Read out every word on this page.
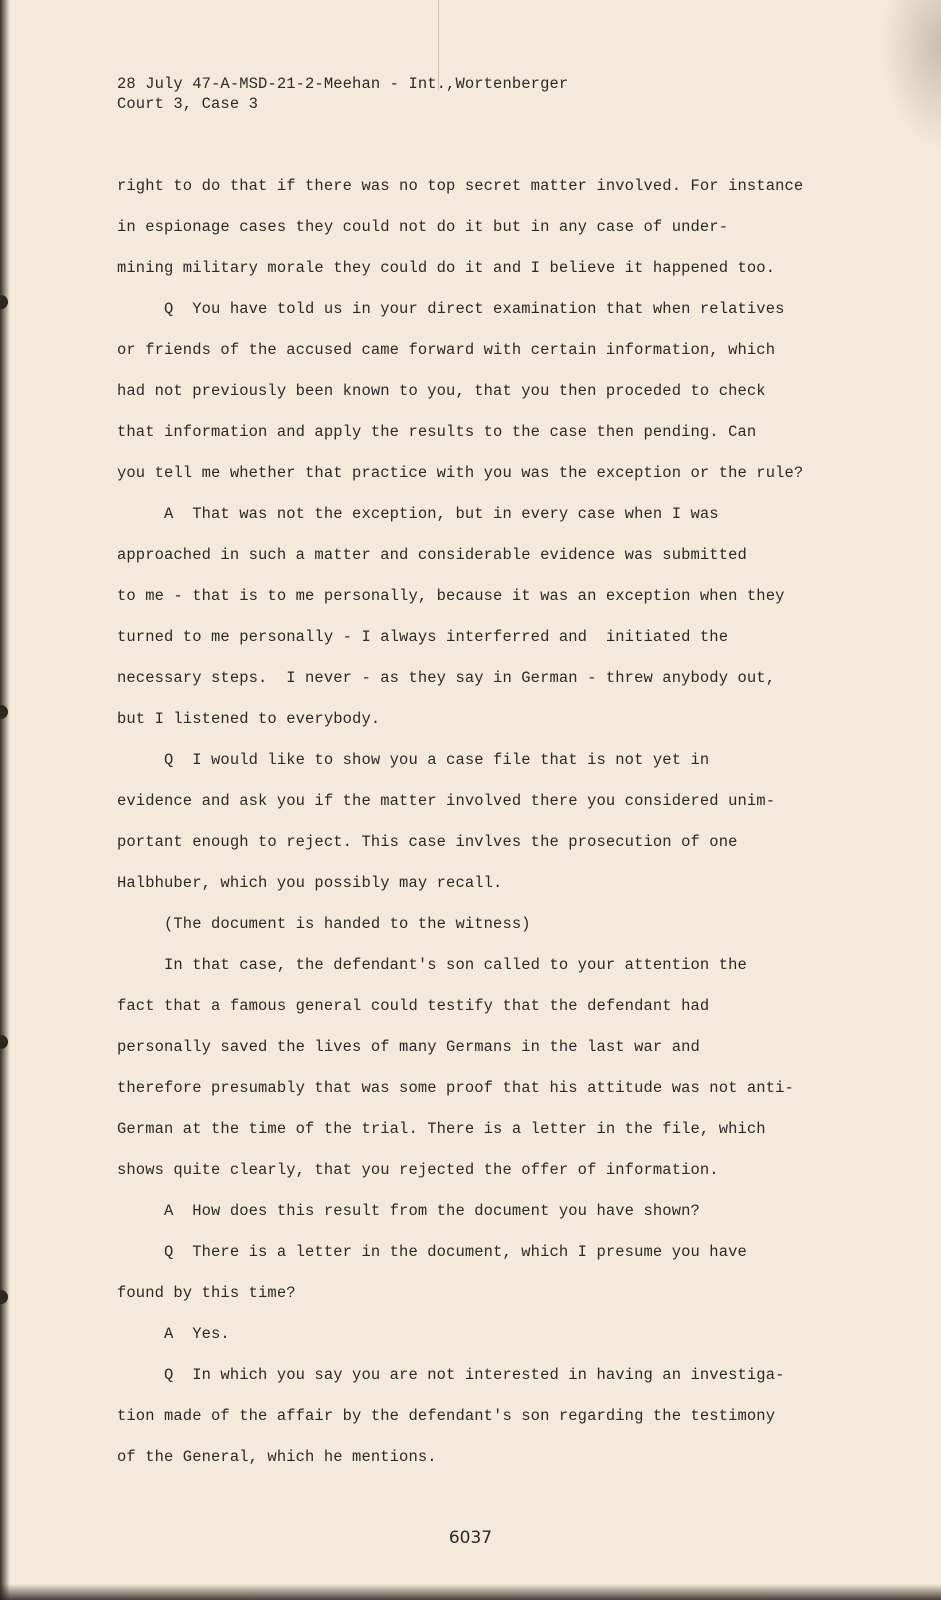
28 July 47-A-MSD-21-2-Meehan - Int.,Wortenberger
Court 3, Case 3
right to do that if there was no top secret matter involved. For instance
in espionage cases they could not do it but in any case of under-
mining military morale they could do it and I believe it happened too.
Q  You have told us in your direct examination that when relatives
or friends of the accused came forward with certain information, which
had not previously been known to you, that you then proceded to check
that information and apply the results to the case then pending. Can
you tell me whether that practice with you was the exception or the rule?
A  That was not the exception, but in every case when I was
approached in such a matter and considerable evidence was submitted
to me - that is to me personally, because it was an exception when they
turned to me personally - I always interferred and  initiated the
necessary steps.  I never - as they say in German - threw anybody out,
but I listened to everybody.
Q  I would like to show you a case file that is not yet in
evidence and ask you if the matter involved there you considered unim-
portant enough to reject. This case invlves the prosecution of one
Halbhuber, which you possibly may recall.
(The document is handed to the witness)
In that case, the defendant's son called to your attention the
fact that a famous general could testify that the defendant had
personally saved the lives of many Germans in the last war and
therefore presumably that was some proof that his attitude was not anti-
German at the time of the trial. There is a letter in the file, which
shows quite clearly, that you rejected the offer of information.
A  How does this result from the document you have shown?
Q  There is a letter in the document, which I presume you have
found by this time?
A  Yes.
Q  In which you say you are not interested in having an investiga-
tion made of the affair by the defendant's son regarding the testimony
of the General, which he mentions.
6037
